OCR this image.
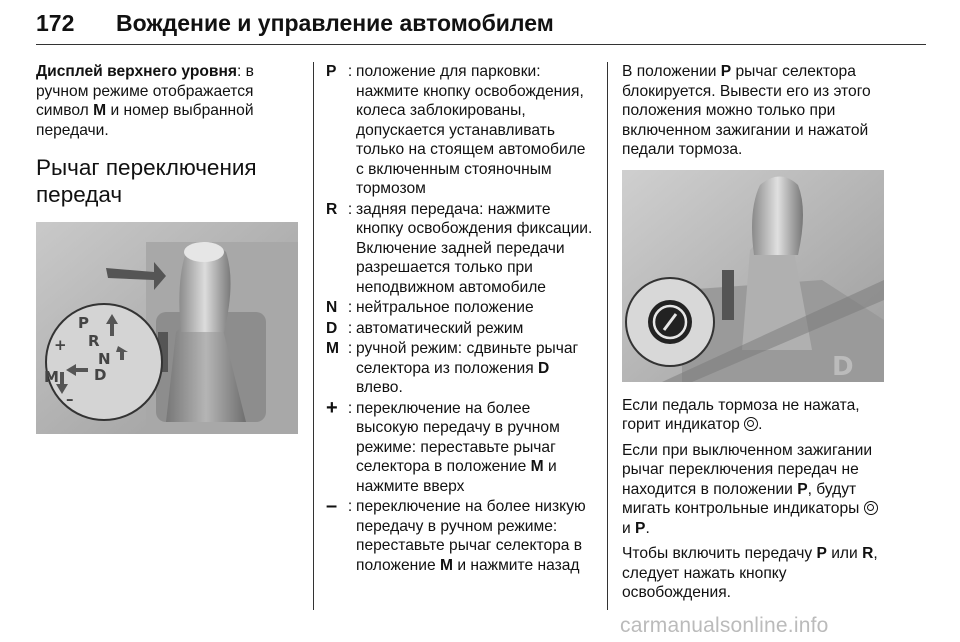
172 Вождение и управление автомобилем

Дисплей верхнего уровня: в ручном режиме отображается символ M и номер выбранной передачи.

Рычаг переключения передач
P
R
N
D
M
+
–
P : положение для парковки: нажмите кнопку освобождения, колеса заблокированы, допускается устанавливать только на стоящем автомобиле с включенным стояночным тормозом
R : задняя передача: нажмите кнопку освобождения фиксации. Включение задней передачи разрешается только при неподвижном автомобиле
N : нейтральное положение
D : автоматический режим
M : ручной режим: сдвиньте рычаг селектора из положения D влево.
+ : переключение на более высокую передачу в ручном режиме: переставьте рычаг селектора в положение M и нажмите вверх
– : переключение на более низкую передачу в ручном режиме: переставьте рычаг селектора в положение M и нажмите назад

В положении P рычаг селектора блокируется. Вывести его из этого положения можно только при включенном зажигании и нажатой педали тормоза.

D

Если педаль тормоза не нажата, горит индикатор .

Если при выключенном зажигании рычаг переключения передач не находится в положении P, будут мигать контрольные индикаторы  и P.

Чтобы включить передачу P или R, следует нажать кнопку освобождения.

carmanualsonline.info
